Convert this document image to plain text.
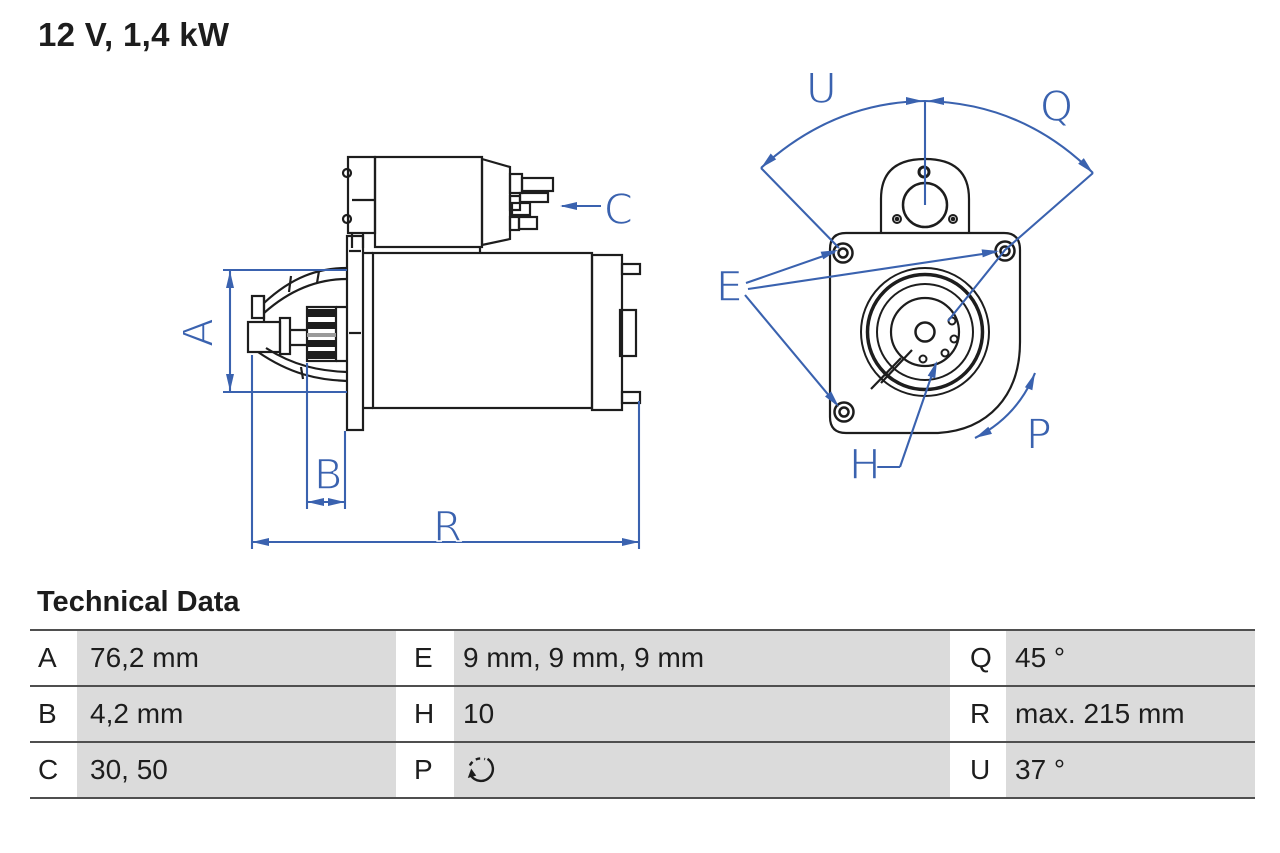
12 V, 1,4 kW
A
B
C
R
U	Q
E
H
P
Technical Data
A	76,2 mm	E	9 mm, 9 mm, 9 mm	Q 45 °
B	4,2 mm	H	10	R max. 215 mm
C	30, 50	P	U 37 °
